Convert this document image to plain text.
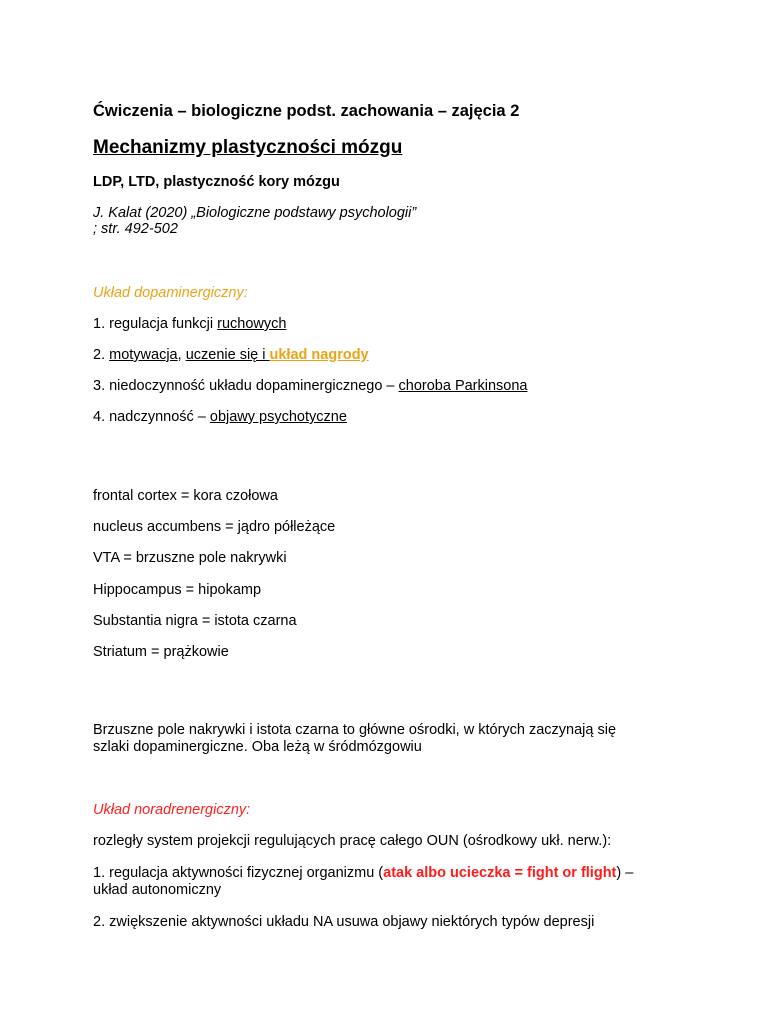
Ćwiczenia – biologiczne podst. zachowania – zajęcia 2
Mechanizmy plastyczności mózgu
LDP, LTD, plastyczność kory mózgu
J. Kalat (2020) „Biologiczne podstawy psychologii”
; str. 492-502
Układ dopaminergiczny:
1. regulacja funkcji ruchowych
2. motywacja, uczenie się i układ nagrody
3. niedoczynność układu dopaminergicznego – choroba Parkinsona
4. nadczynność – objawy psychotyczne
frontal cortex = kora czołowa
nucleus accumbens = jądro półleżące
VTA = brzuszne pole nakrywki
Hippocampus = hipokamp
Substantia nigra = istota czarna
Striatum = prążkowie
Brzuszne pole nakrywki i istota czarna to główne ośrodki, w których zaczynają się
szlaki dopaminergiczne. Oba leżą w śródmózgowiu
Układ noradrenergiczny:
rozległy system projekcji regulujących pracę całego OUN (ośrodkowy ukł. nerw.):
1. regulacja aktywności fizycznej organizmu (atak albo ucieczka = fight or flight) –
układ autonomiczny
2. zwiększenie aktywności układu NA usuwa objawy niektórych typów depresji
